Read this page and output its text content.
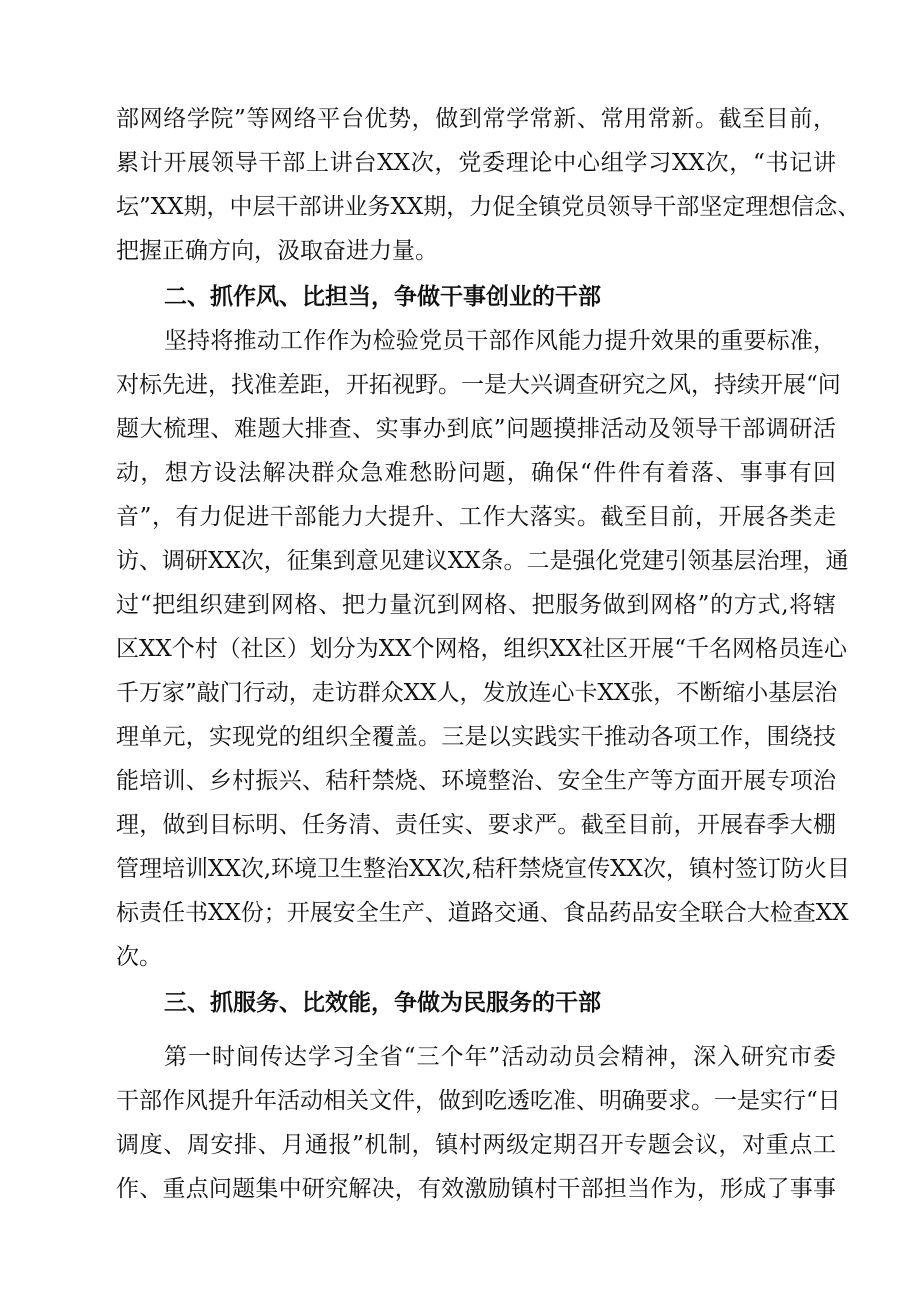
部网络学院”等网络平台优势，做到常学常新、常用常新。截至目前，

累计开展领导干部上讲台XX次，党委理论中心组学习XX次，“书记讲

坛”XX期，中层干部讲业务XX期，力促全镇党员领导干部坚定理想信念、

把握正确方向，汲取奋进力量。

二、抓作风、比担当，争做干事创业的干部

坚持将推动工作作为检验党员干部作风能力提升效果的重要标准，

对标先进，找准差距，开拓视野。一是大兴调查研究之风，持续开展“问

题大梳理、难题大排查、实事办到底”问题摸排活动及领导干部调研活

动，想方设法解决群众急难愁盼问题，确保“件件有着落、事事有回

音”，有力促进干部能力大提升、工作大落实。截至目前，开展各类走

访、调研XX次，征集到意见建议XX条。二是强化党建引领基层治理，通

过“把组织建到网格、把力量沉到网格、把服务做到网格”的方式,将辖

区XX个村（社区）划分为XX个网格，组织XX社区开展“千名网格员连心

千万家”敲门行动，走访群众XX人，发放连心卡XX张，不断缩小基层治

理单元，实现党的组织全覆盖。三是以实践实干推动各项工作，围绕技

能培训、乡村振兴、秸秆禁烧、环境整治、安全生产等方面开展专项治

理，做到目标明、任务清、责任实、要求严。截至目前，开展春季大棚

管理培训XX次,环境卫生整治XX次,秸秆禁烧宣传XX次，镇村签订防火目

标责任书XX份；开展安全生产、道路交通、食品药品安全联合大检查XX

次。

三、抓服务、比效能，争做为民服务的干部

第一时间传达学习全省“三个年”活动动员会精神，深入研究市委

干部作风提升年活动相关文件，做到吃透吃准、明确要求。一是实行“日

调度、周安排、月通报”机制，镇村两级定期召开专题会议，对重点工

作、重点问题集中研究解决，有效激励镇村干部担当作为，形成了事事
